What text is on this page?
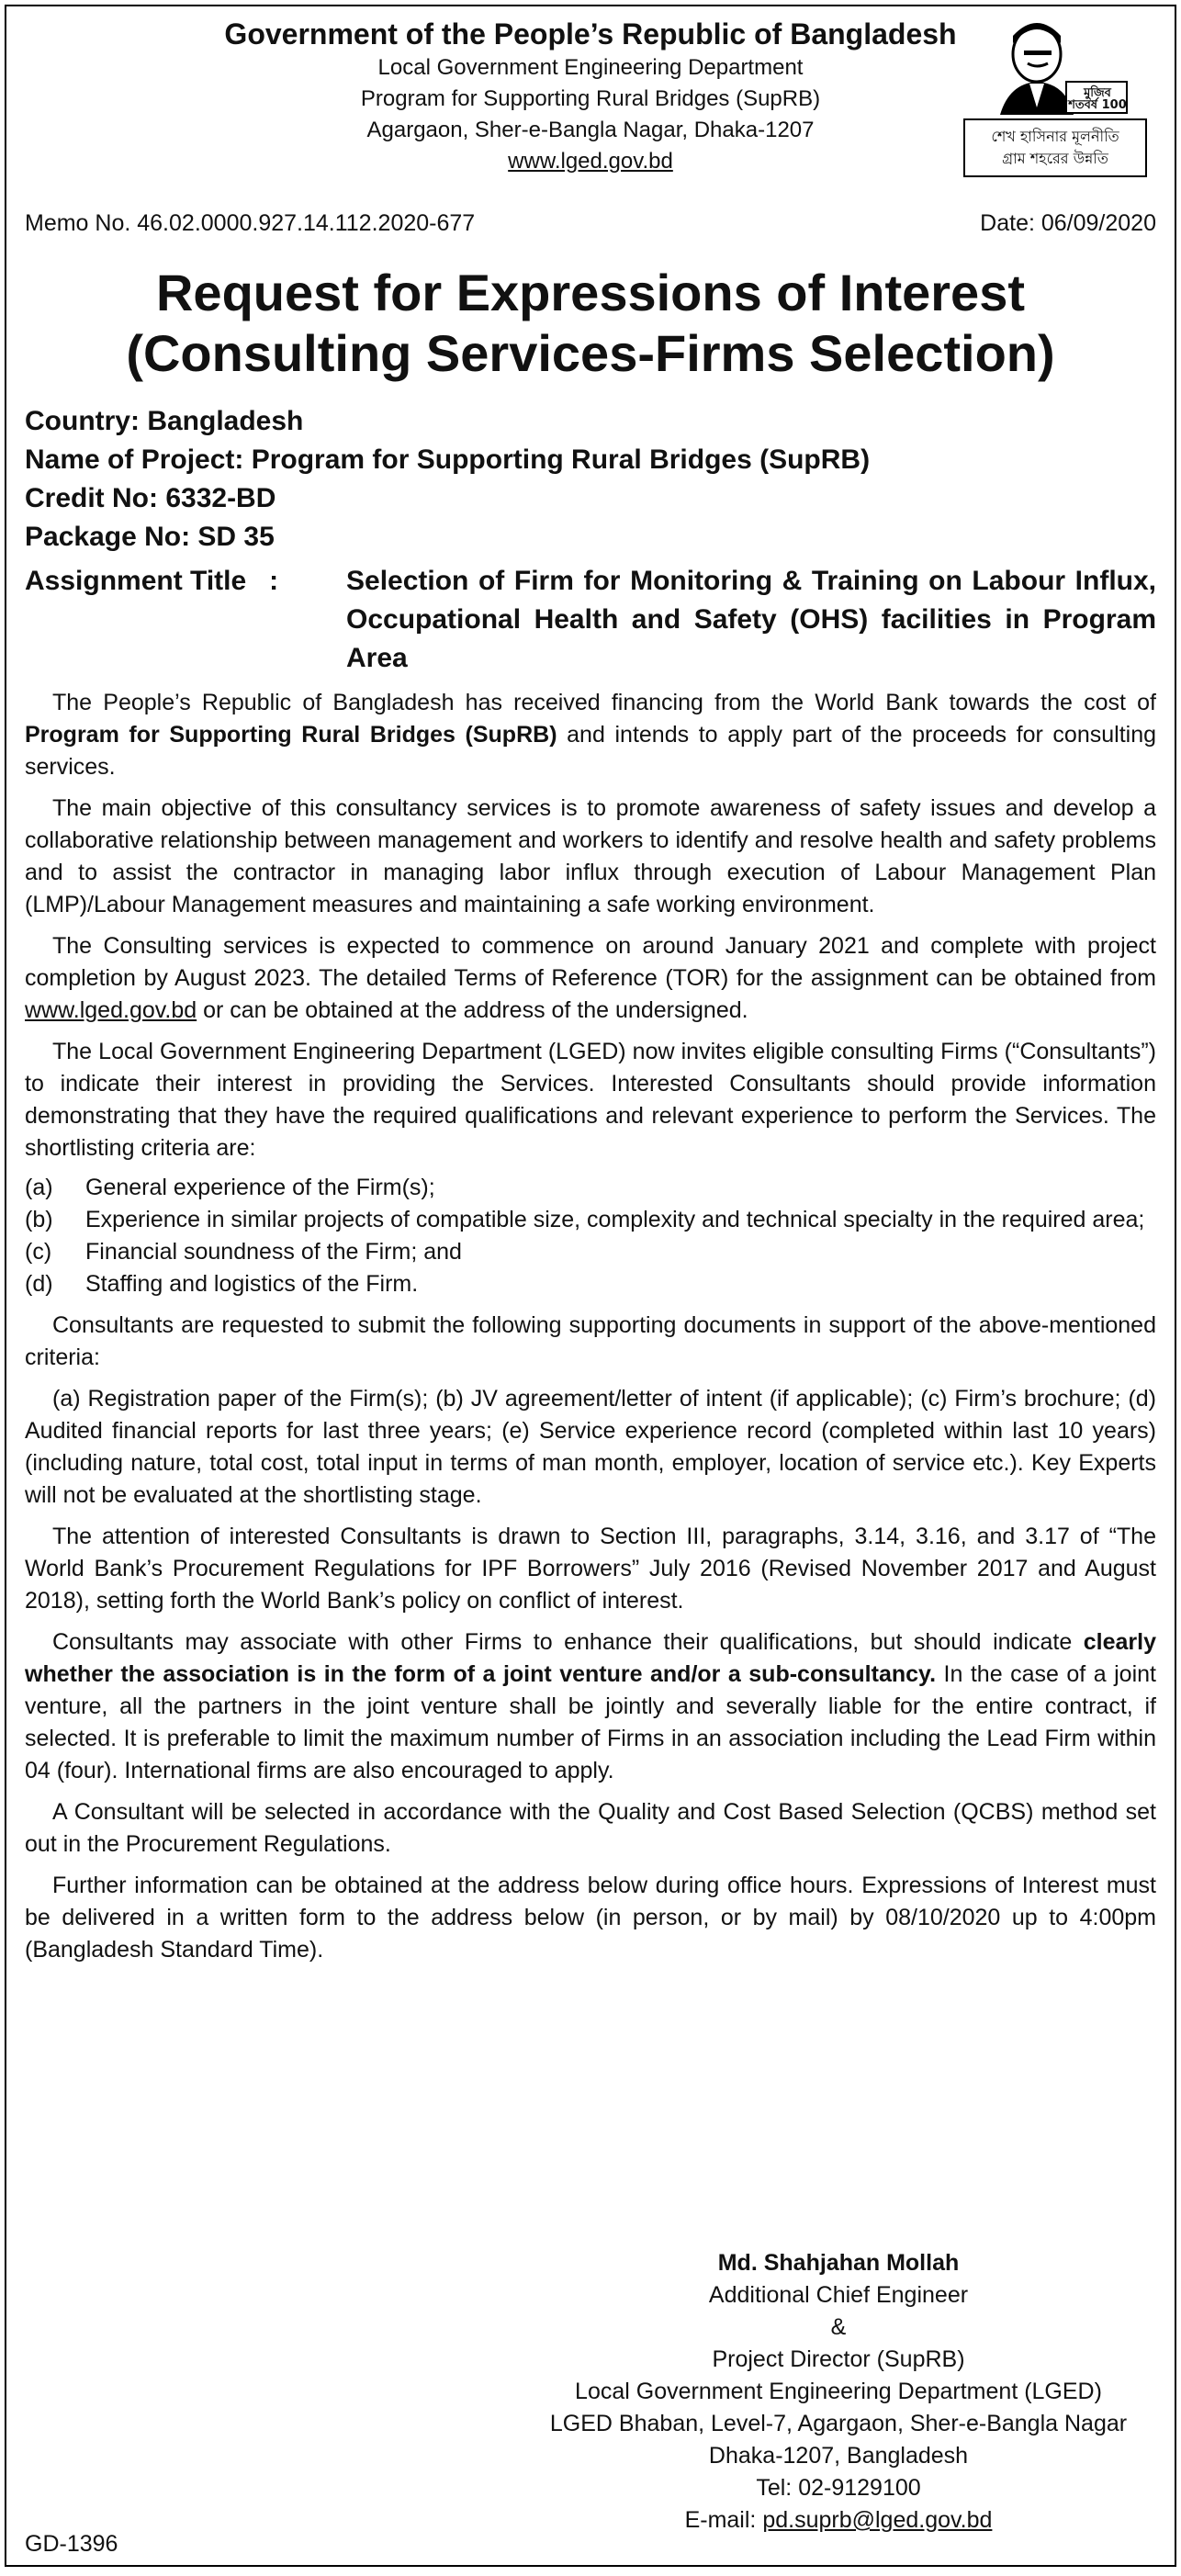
Government of the People’s Republic of Bangladesh
Local Government Engineering Department
Program for Supporting Rural Bridges (SupRB)
Agargaon, Sher-e-Bangla Nagar, Dhaka-1207
www.lged.gov.bd
মুজিব শতবর্ষ 100
শেখ হাসিনার মূলনীতি
গ্রাম শহরের উন্নতি
Memo No. 46.02.0000.927.14.112.2020-677	Date: 06/09/2020
Request for Expressions of Interest
(Consulting Services-Firms Selection)
Country: Bangladesh
Name of Project: Program for Supporting Rural Bridges (SupRB)
Credit No: 6332-BD
Package No: SD 35
Assignment Title   :	Selection of Firm for Monitoring & Training on Labour Influx, Occupational Health and Safety (OHS) facilities in Program Area

The People’s Republic of Bangladesh has received financing from the World Bank towards the cost of Program for Supporting Rural Bridges (SupRB) and intends to apply part of the proceeds for consulting services.

The main objective of this consultancy services is to promote awareness of safety issues and develop a collaborative relationship between management and workers to identify and resolve health and safety problems and to assist the contractor in managing labor influx through execution of Labour Management Plan (LMP)/Labour Management measures and maintaining a safe working environment.

The Consulting services is expected to commence on around January 2021 and complete with project completion by August 2023. The detailed Terms of Reference (TOR) for the assignment can be obtained from www.lged.gov.bd or can be obtained at the address of the undersigned.

The Local Government Engineering Department (LGED) now invites eligible consulting Firms (“Consultants”) to indicate their interest in providing the Services. Interested Consultants should provide information demonstrating that they have the required qualifications and relevant experience to perform the Services. The shortlisting criteria are:

(a)	General experience of the Firm(s);
(b)	Experience in similar projects of compatible size, complexity and technical specialty in the required area;
(c)	Financial soundness of the Firm; and
(d)	Staffing and logistics of the Firm.

Consultants are requested to submit the following supporting documents in support of the above-mentioned criteria:

(a) Registration paper of the Firm(s); (b) JV agreement/letter of intent (if applicable); (c) Firm’s brochure; (d) Audited financial reports for last three years; (e) Service experience record (completed within last 10 years) (including nature, total cost, total input in terms of man month, employer, location of service etc.). Key Experts will not be evaluated at the shortlisting stage.

The attention of interested Consultants is drawn to Section III, paragraphs, 3.14, 3.16, and 3.17 of “The World Bank’s Procurement Regulations for IPF Borrowers” July 2016 (Revised November 2017 and August 2018), setting forth the World Bank’s policy on conflict of interest.

Consultants may associate with other Firms to enhance their qualifications, but should indicate clearly whether the association is in the form of a joint venture and/or a sub-consultancy. In the case of a joint venture, all the partners in the joint venture shall be jointly and severally liable for the entire contract, if selected. It is preferable to limit the maximum number of Firms in an association including the Lead Firm within 04 (four). International firms are also encouraged to apply.

A Consultant will be selected in accordance with the Quality and Cost Based Selection (QCBS) method set out in the Procurement Regulations.

Further information can be obtained at the address below during office hours. Expressions of Interest must be delivered in a written form to the address below (in person, or by mail) by 08/10/2020 up to 4:00pm (Bangladesh Standard Time).

Md. Shahjahan Mollah
Additional Chief Engineer
&
Project Director (SupRB)
Local Government Engineering Department (LGED)
LGED Bhaban, Level-7, Agargaon, Sher-e-Bangla Nagar
Dhaka-1207, Bangladesh
Tel: 02-9129100
E-mail: pd.suprb@lged.gov.bd
GD-1396
